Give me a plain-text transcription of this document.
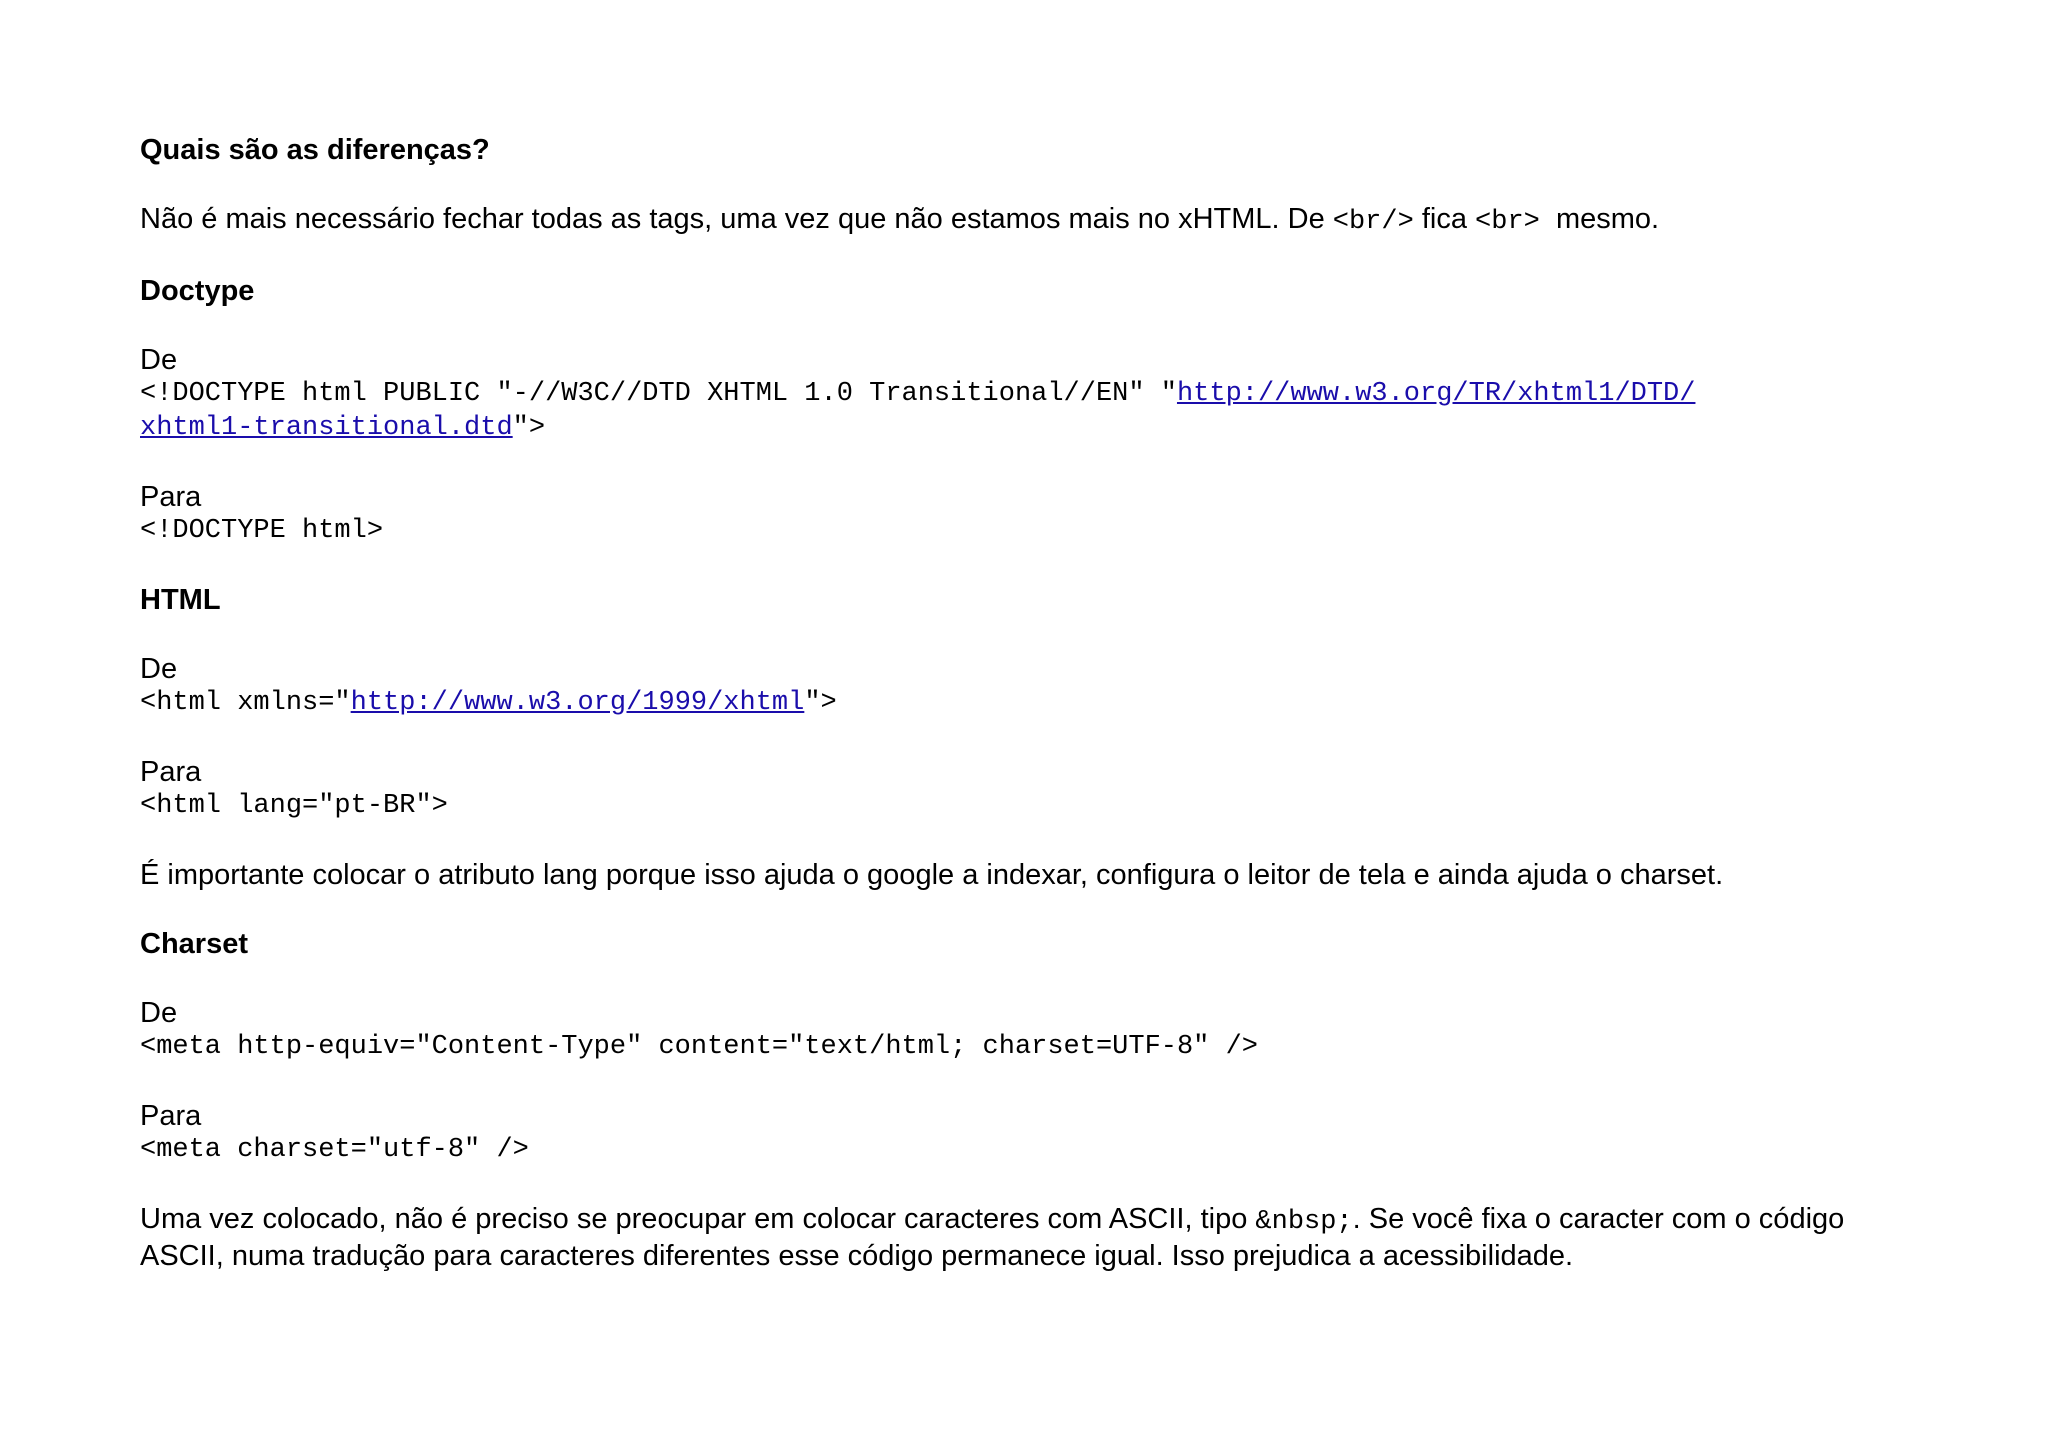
Quais são as diferenças?
Não é mais necessário fechar todas as tags, uma vez que não estamos mais no xHTML. De <br/> fica <br>  mesmo.
Doctype
De
<!DOCTYPE html PUBLIC "-//W3C//DTD XHTML 1.0 Transitional//EN" "http://www.w3.org/TR/xhtml1/DTD/
xhtml1-transitional.dtd">
Para
<!DOCTYPE html>
HTML
De
<html xmlns="http://www.w3.org/1999/xhtml">
Para
<html lang="pt-BR">
É importante colocar o atributo lang porque isso ajuda o google a indexar, configura o leitor de tela e ainda ajuda o charset.
Charset
De
<meta http-equiv="Content-Type" content="text/html; charset=UTF-8" />
Para
<meta charset="utf-8" />
Uma vez colocado, não é preciso se preocupar em colocar caracteres com ASCII, tipo &nbsp;. Se você fixa o caracter com o código
ASCII, numa tradução para caracteres diferentes esse código permanece igual. Isso prejudica a acessibilidade.
